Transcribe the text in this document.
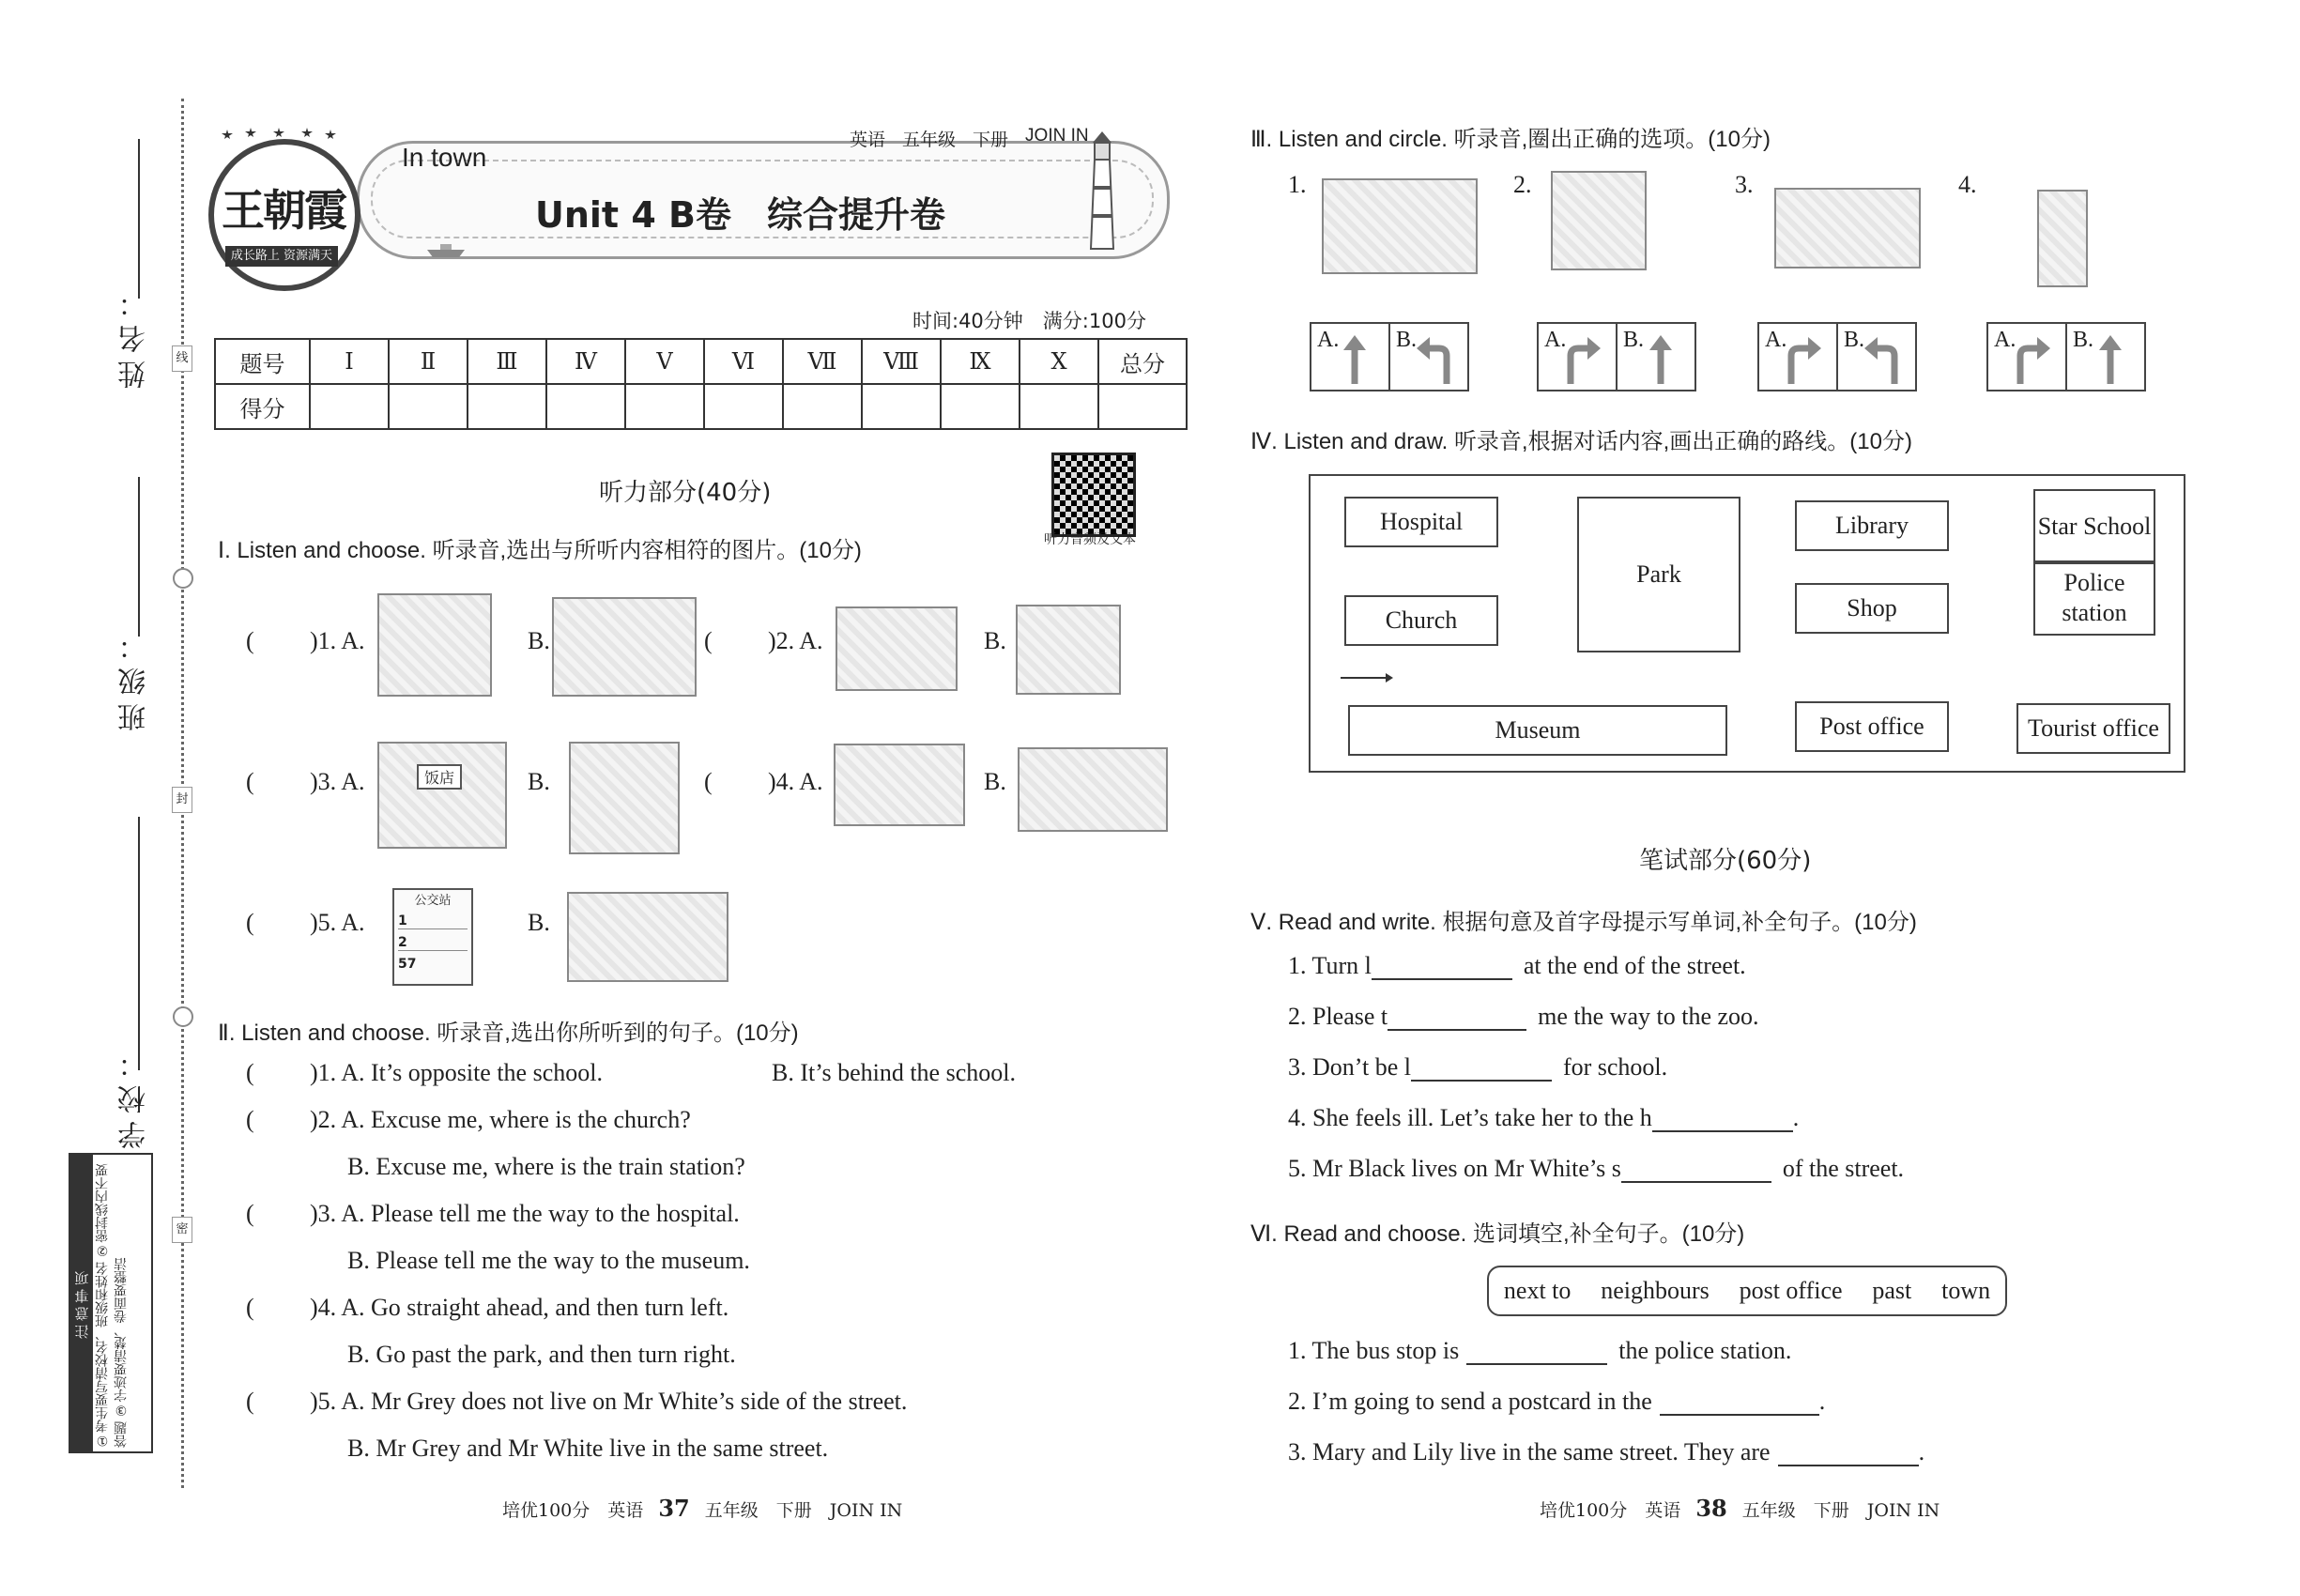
线
封
密
姓名：
班级：
学校：
注意事项 ①考生要写清校名、班级和姓名 ②密封线内不要答题 ③字迹要清楚、卷面要整洁
王朝霞
成长路上 资源满天
In town
英语 五年级 下册 JOIN IN
Unit 4 B卷　综合提升卷
时间:40分钟　满分:100分
题号	Ⅰ	Ⅱ	Ⅲ	Ⅳ	Ⅴ	Ⅵ	Ⅶ	Ⅷ	Ⅸ	Ⅹ	总分
得分											
听力音频及文本
听力部分(40分)
Ⅰ. Listen and choose. 听录音,选出与所听内容相符的图片。(10分)
( )1. A.	B.	( )2. A.	B.
( )3. A.	饭店	B.	( )4. A.	B.
( )5. A.
公交站
1
2
57
B.
Ⅱ. Listen and choose. 听录音,选出你所听到的句子。(10分)
( )1. A. It’s opposite the school.	B. It’s behind the school.
( )2. A. Excuse me, where is the church?
B. Excuse me, where is the train station?
( )3. A. Please tell me the way to the hospital.
B. Please tell me the way to the museum.
( )4. A. Go straight ahead, and then turn left.
B. Go past the park, and then turn right.
( )5. A. Mr Grey does not live on Mr White’s side of the street.
B. Mr Grey and Mr White live in the same street.
培优100分　英语 37 五年级　下册　JOIN IN
Ⅲ. Listen and circle. 听录音,圈出正确的选项。(10分)
1.	2.	3.	4.
A.	B.	A.	B.	A.	B.	A.	B.
Ⅳ. Listen and draw. 听录音,根据对话内容,画出正确的路线。(10分)
Hospital
Church
Park
Library
Shop
Star School
Police station
Museum	Post office	Tourist office
笔试部分(60分)
Ⅴ. Read and write. 根据句意及首字母提示写单词,补全句子。(10分)
1. Turn l	at the end of the street.
2. Please t	me the way to the zoo.
3. Don’t be l	for school.
4. She feels ill. Let’s take her to the h	.
5. Mr Black lives on Mr White’s s	of the street.
Ⅵ. Read and choose. 选词填空,补全句子。(10分)
next to neighbours post office past town
1. The bus stop is	the police station.
2. I’m going to send a postcard in the	.
3. Mary and Lily live in the same street. They are	.
培优100分　英语 38 五年级　下册　JOIN IN
